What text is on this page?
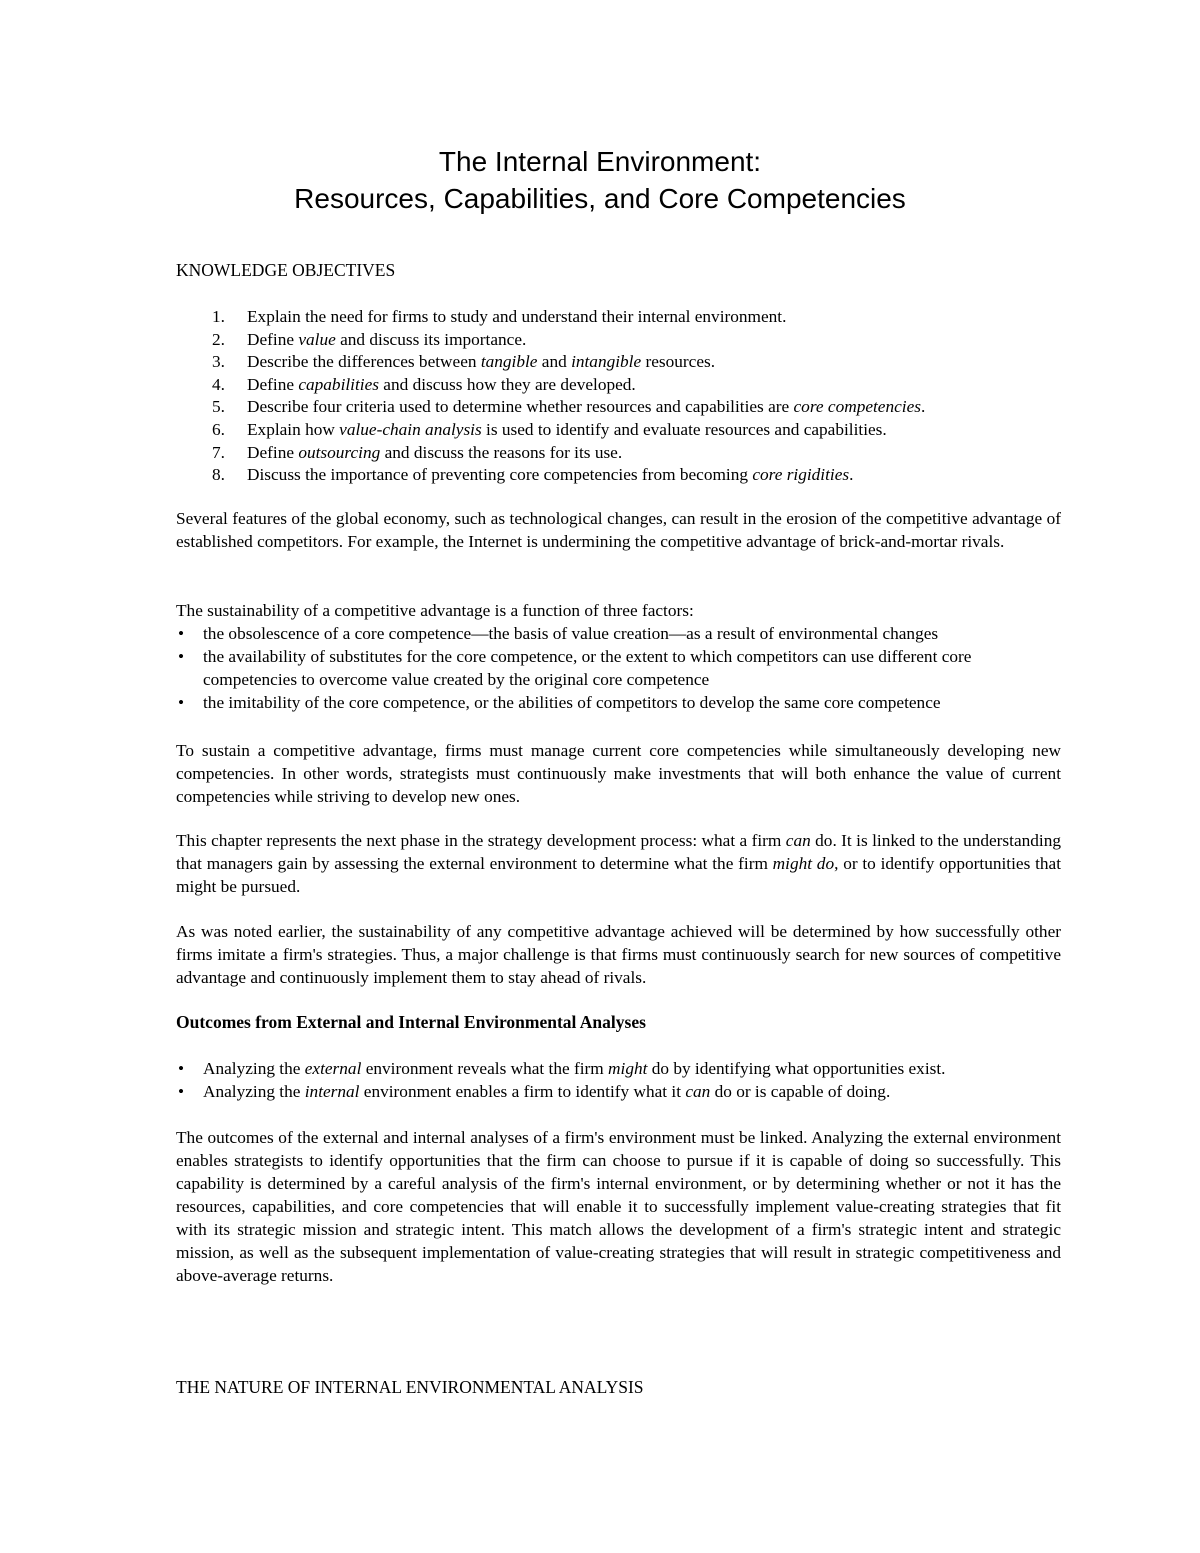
The Internal Environment:
Resources, Capabilities, and Core Competencies

KNOWLEDGE OBJECTIVES

1. Explain the need for firms to study and understand their internal environment.
2. Define value and discuss its importance.
3. Describe the differences between tangible and intangible resources.
4. Define capabilities and discuss how they are developed.
5. Describe four criteria used to determine whether resources and capabilities are core competencies.
6. Explain how value-chain analysis is used to identify and evaluate resources and capabilities.
7. Define outsourcing and discuss the reasons for its use.
8. Discuss the importance of preventing core competencies from becoming core rigidities.

Several features of the global economy, such as technological changes, can result in the erosion of the competitive advantage of established competitors. For example, the Internet is undermining the competitive advantage of brick-and-mortar rivals.

The sustainability of a competitive advantage is a function of three factors:

• the obsolescence of a core competence—the basis of value creation—as a result of environmental changes
• the availability of substitutes for the core competence, or the extent to which competitors can use different core competencies to overcome value created by the original core competence
• the imitability of the core competence, or the abilities of competitors to develop the same core competence

To sustain a competitive advantage, firms must manage current core competencies while simultaneously developing new competencies. In other words, strategists must continuously make investments that will both enhance the value of current competencies while striving to develop new ones.

This chapter represents the next phase in the strategy development process: what a firm can do. It is linked to the understanding that managers gain by assessing the external environment to determine what the firm might do, or to identify opportunities that might be pursued.

As was noted earlier, the sustainability of any competitive advantage achieved will be determined by how successfully other firms imitate a firm's strategies. Thus, a major challenge is that firms must continuously search for new sources of competitive advantage and continuously implement them to stay ahead of rivals.

Outcomes from External and Internal Environmental Analyses

• Analyzing the external environment reveals what the firm might do by identifying what opportunities exist.
• Analyzing the internal environment enables a firm to identify what it can do or is capable of doing.

The outcomes of the external and internal analyses of a firm's environment must be linked. Analyzing the external environment enables strategists to identify opportunities that the firm can choose to pursue if it is capable of doing so successfully. This capability is determined by a careful analysis of the firm's internal environment, or by determining whether or not it has the resources, capabilities, and core competencies that will enable it to successfully implement value-creating strategies that fit with its strategic mission and strategic intent. This match allows the development of a firm's strategic intent and strategic mission, as well as the subsequent implementation of value-creating strategies that will result in strategic competitiveness and above-average returns.

THE NATURE OF INTERNAL ENVIRONMENTAL ANALYSIS
